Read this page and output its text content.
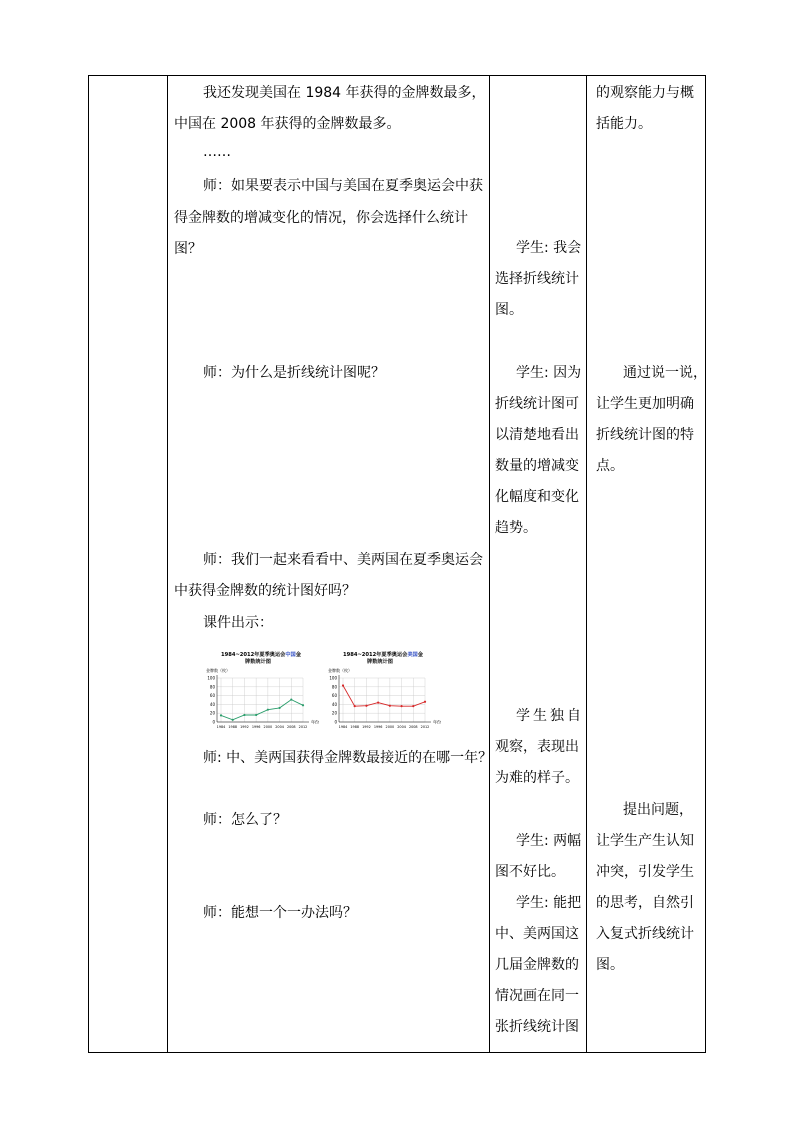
我还发现美国在 1984 年获得的金牌数最多，
中国在 2008 年获得的金牌数最多。
……
师：如果要表示中国与美国在夏季奥运会中获
得金牌数的增减变化的情况，你会选择什么统计
图？
师：为什么是折线统计图呢？
师：我们一起来看看中、美两国在夏季奥运会
中获得金牌数的统计图好吗？
课件出示：
1984~2012年夏季奥运会中国金
牌数统计图
金牌数（枚）
0
20
40
60
80
100
1984 1988 1992 1996 2000 2004 2008 2012
年份
1984~2012年夏季奥运会美国金
牌数统计图
金牌数（枚）
0
20
40
60
80
100
1984 1988 1992 1996 2000 2004 2008 2012
年份
师: 中、美两国获得金牌数最接近的在哪一年？
师：怎么了？
师：能想一个一办法吗？
学生: 我会
选择折线统计
图。
学生: 因为
折线统计图可
以清楚地看出
数量的增减变
化幅度和变化
趋势。
学生独自
观察，表现出
为难的样子。
学生: 两幅
图不好比。
学生: 能把
中、美两国这
几届金牌数的
情况画在同一
张折线统计图
的观察能力与概
括能力。
通过说一说，
让学生更加明确
折线统计图的特
点。
提出问题，
让学生产生认知
冲突，引发学生
的思考，自然引
入复式折线统计
图。
